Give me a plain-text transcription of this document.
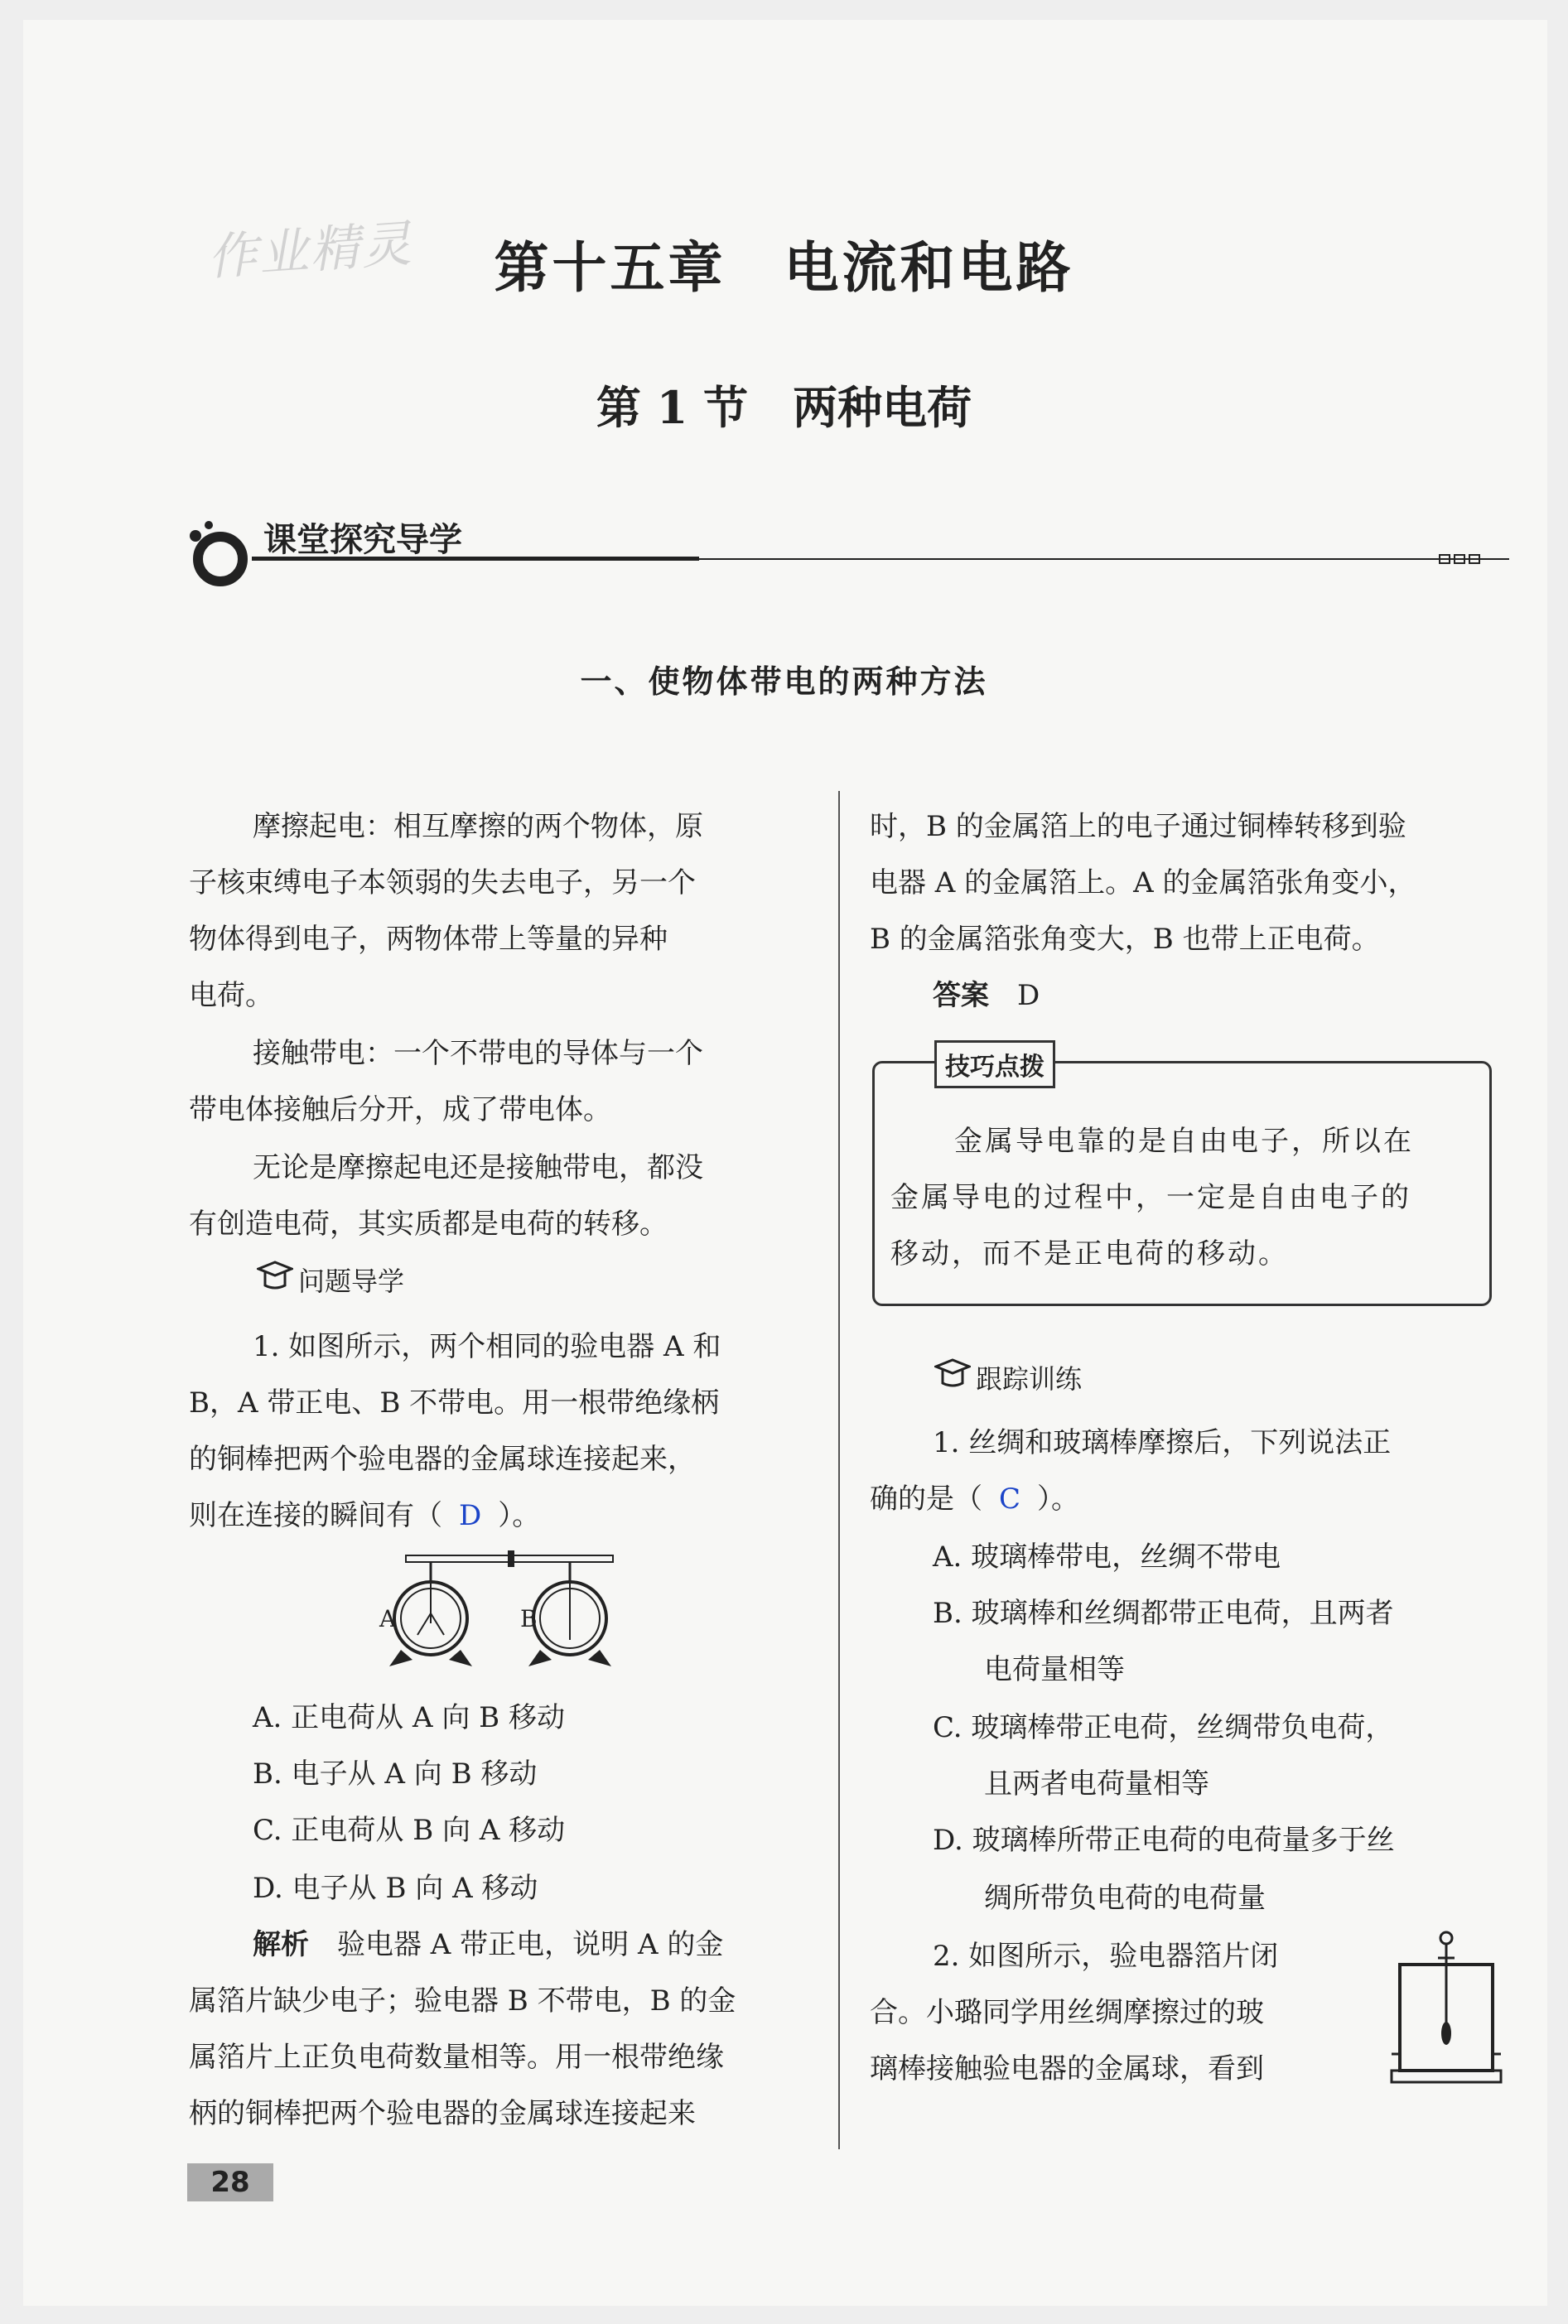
作业精灵	第十五章　电流和电路
第 1 节　两种电荷
课堂探究导学
一、使物体带电的两种方法
摩擦起电：相互摩擦的两个物体，原
子核束缚电子本领弱的失去电子，另一个
物体得到电子，两物体带上等量的异种
电荷。
接触带电：一个不带电的导体与一个
带电体接触后分开，成了带电体。
无论是摩擦起电还是接触带电，都没
有创造电荷，其实质都是电荷的转移。
问题导学
1. 如图所示，两个相同的验电器 A 和
B，A 带正电、B 不带电。用一根带绝缘柄
的铜棒把两个验电器的金属球连接起来，
则在连接的瞬间有（ D ）。
A	B
A. 正电荷从 A 向 B 移动
B. 电子从 A 向 B 移动
C. 正电荷从 B 向 A 移动
D. 电子从 B 向 A 移动
解析 验电器 A 带正电，说明 A 的金
属箔片缺少电子；验电器 B 不带电，B 的金
属箔片上正负电荷数量相等。用一根带绝缘
柄的铜棒把两个验电器的金属球连接起来
时，B 的金属箔上的电子通过铜棒转移到验
电器 A 的金属箔上。A 的金属箔张角变小，
B 的金属箔张角变大，B 也带上正电荷。
答案 D
技巧点拨
金属导电靠的是自由电子，所以在
金属导电的过程中，一定是自由电子的
移动，而不是正电荷的移动。
跟踪训练
1. 丝绸和玻璃棒摩擦后，下列说法正
确的是（ C ）。
A. 玻璃棒带电，丝绸不带电
B. 玻璃棒和丝绸都带正电荷，且两者
电荷量相等
C. 玻璃棒带正电荷，丝绸带负电荷，
且两者电荷量相等
D. 玻璃棒所带正电荷的电荷量多于丝
绸所带负电荷的电荷量
2. 如图所示，验电器箔片闭
合。小璐同学用丝绸摩擦过的玻
璃棒接触验电器的金属球，看到
28
